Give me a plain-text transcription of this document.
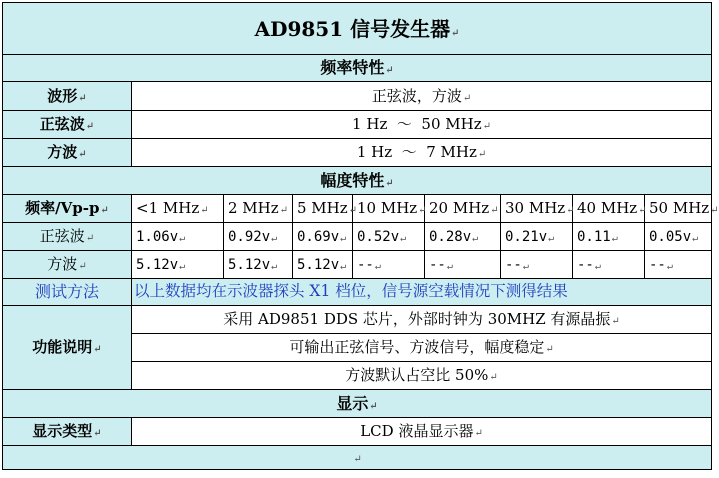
AD9851 信号发生器↵								
频率特性↵								
波形↵	正弦波，方波↵							
正弦波↵	1 Hz  ～  50 MHz↵							
方波↵	1 Hz  ～  7 MHz↵							
幅度特性↵								
频率/Vp-p↵	<1 MHz↵	2 MHz↵	5 MHz↵	10 MHz↵	20 MHz↵	30 MHz↵	40 MHz↵	50 MHz↵
正弦波↵	1.06v↵	0.92v↵	0.69v↵	0.52v↵	0.28v↵	0.21v↵	0.11↵	0.05v↵
方波↵	5.12v↵	5.12v↵	5.12v↵	--↵	--↵	--↵	--↵	--↵
测试方法	以上数据均在示波器探头 X1 档位，信号源空载情况下测得结果							
功能说明↵	采用 AD9851 DDS 芯片，外部时钟为 30MHZ 有源晶振↵							
	可输出正弦信号、方波信号，幅度稳定↵							
	方波默认占空比 50%↵							
显示↵								
显示类型↵	LCD 液晶显示器↵							
↵								
